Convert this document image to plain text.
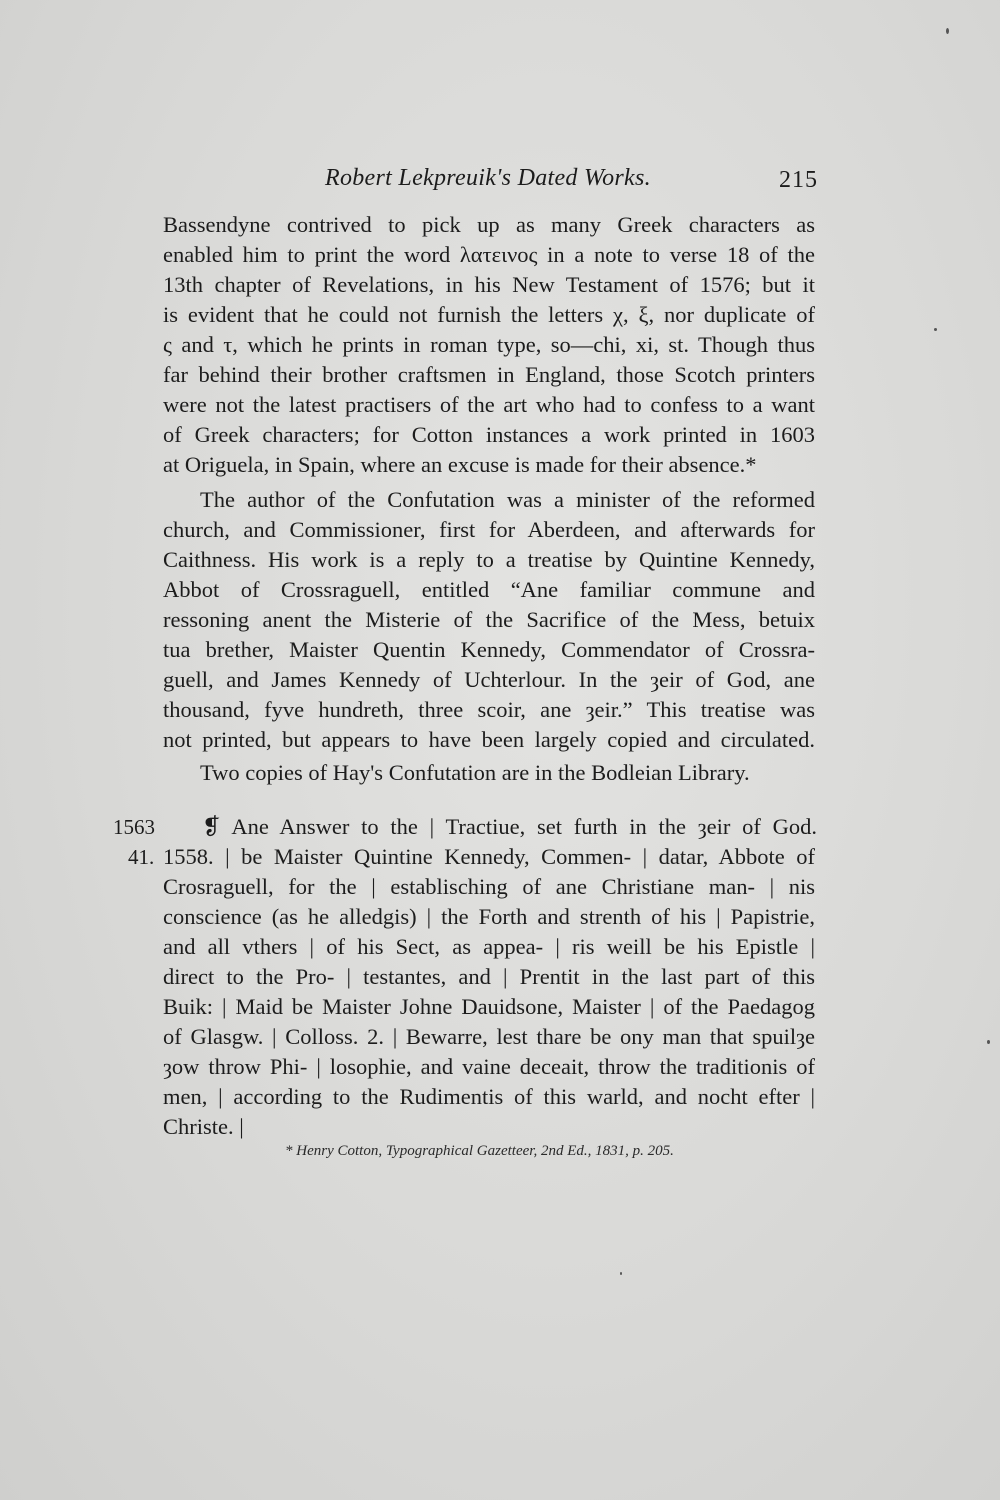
Robert Lekpreuik's Dated Works.	215
Bassendyne contrived to pick up as many Greek characters as
enabled him to print the word λατεινος in a note to verse 18 of the
13th chapter of Revelations, in his New Testament of 1576; but it
is evident that he could not furnish the letters χ, ξ, nor duplicate of
ς and τ, which he prints in roman type, so—chi, xi, st. Though thus
far behind their brother craftsmen in England, those Scotch printers
were not the latest practisers of the art who had to confess to a want
of Greek characters; for Cotton instances a work printed in 1603
at Origuela, in Spain, where an excuse is made for their absence.*
The author of the Confutation was a minister of the reformed
church, and Commissioner, first for Aberdeen, and afterwards for
Caithness. His work is a reply to a treatise by Quintine Kennedy,
Abbot of Crossraguell, entitled “Ane familiar commune and
ressoning anent the Misterie of the Sacrifice of the Mess, betuix
tua brether, Maister Quentin Kennedy, Commendator of Crossra-
guell, and James Kennedy of Uchterlour. In the ȝeir of God, ane
thousand, fyve hundreth, three scoir, ane ȝeir.” This treatise was
not printed, but appears to have been largely copied and circulated.
Two copies of Hay's Confutation are in the Bodleian Library.
1563
41.
❡ Ane Answer to the | Tractiue, set furth in the ȝeir of God.
1558. | be Maister Quintine Kennedy, Commen- | datar, Abbote of
Crosraguell, for the | establisching of ane Christiane man- | nis
conscience (as he alledgis) | the Forth and strenth of his | Papistrie,
and all vthers | of his Sect, as appea- | ris weill be his Epistle |
direct to the Pro- | testantes, and | Prentit in the last part of this
Buik: | Maid be Maister Johne Dauidsone, Maister | of the Paedagog
of Glasgw. | Colloss. 2. | Bewarre, lest thare be ony man that spuilȝe
ȝow throw Phi- | losophie, and vaine deceait, throw the traditionis of
men, | according to the Rudimentis of this warld, and nocht efter |
Christe. |
* Henry Cotton, Typographical Gazetteer, 2nd Ed., 1831, p. 205.
